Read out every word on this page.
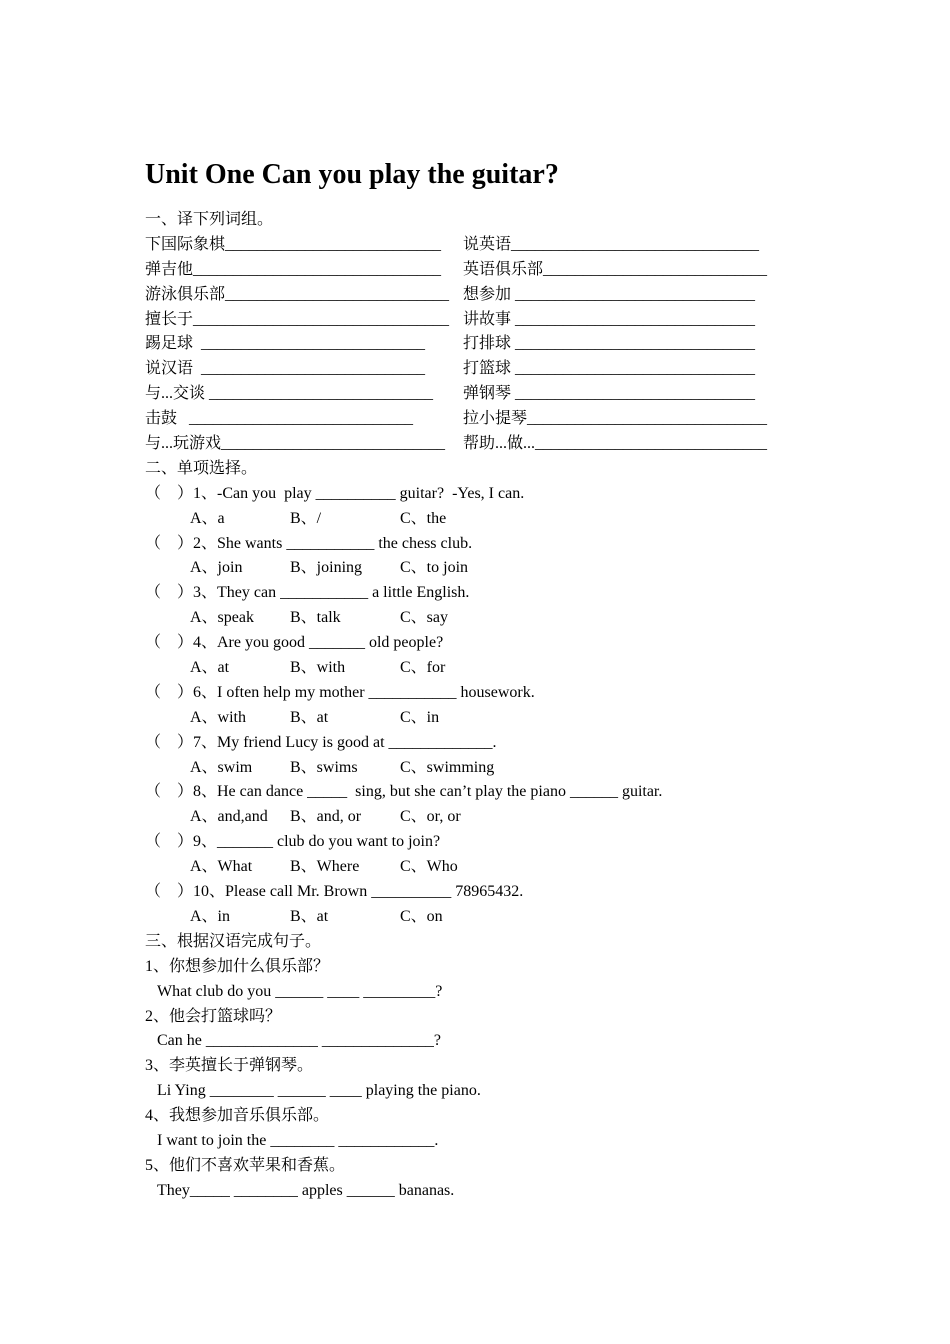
Unit One Can you play the guitar?
一、译下列词组。
下国际象棋___________________________	说英语_______________________________
弹吉他_______________________________	英语俱乐部____________________________
游泳俱乐部____________________________ 想参加 ______________________________
擅长于________________________________ 讲故事 ______________________________
踢足球  ____________________________	打排球 ______________________________
说汉语  ____________________________	打篮球 ______________________________
与...交谈 ____________________________	弹钢琴 ______________________________
击鼓   ____________________________	拉小提琴______________________________
与...玩游戏____________________________ 帮助...做..._____________________________
二、单项选择。
（    ） 1、-Can you  play __________ guitar?  -Yes, I can.
A、a	B、/	C、the
（    ） 2、She wants ___________ the chess club.
A、join	B、joining	C、to join
（    ） 3、They can ___________ a little English.
A、speak	B、talk	C、say
（    ） 4、Are you good _______ old people?
A、at	B、with	C、for
（    ） 6、I often help my mother ___________ housework.
A、with	B、at	C、in
（    ） 7、My friend Lucy is good at _____________.
A、swim	B、swims	C、swimming
（    ） 8、He can dance _____  sing, but she can’t play the piano ______ guitar.
A、and,and	B、and, or	C、or, or
（    ） 9、_______ club do you want to join?
A、What	B、Where	C、Who
（    ） 10、Please call Mr. Brown __________ 78965432.
A、in	B、at	C、on
三、根据汉语完成句子。
1、你想参加什么俱乐部？
What club do you ______ ____ _________?
2、他会打篮球吗？
Can he ______________ ______________?
3、李英擅长于弹钢琴。
Li Ying ________ ______ ____ playing the piano.
4、我想参加音乐俱乐部。
I want to join the ________ ____________.
5、他们不喜欢苹果和香蕉。
They_____ ________ apples ______ bananas.
